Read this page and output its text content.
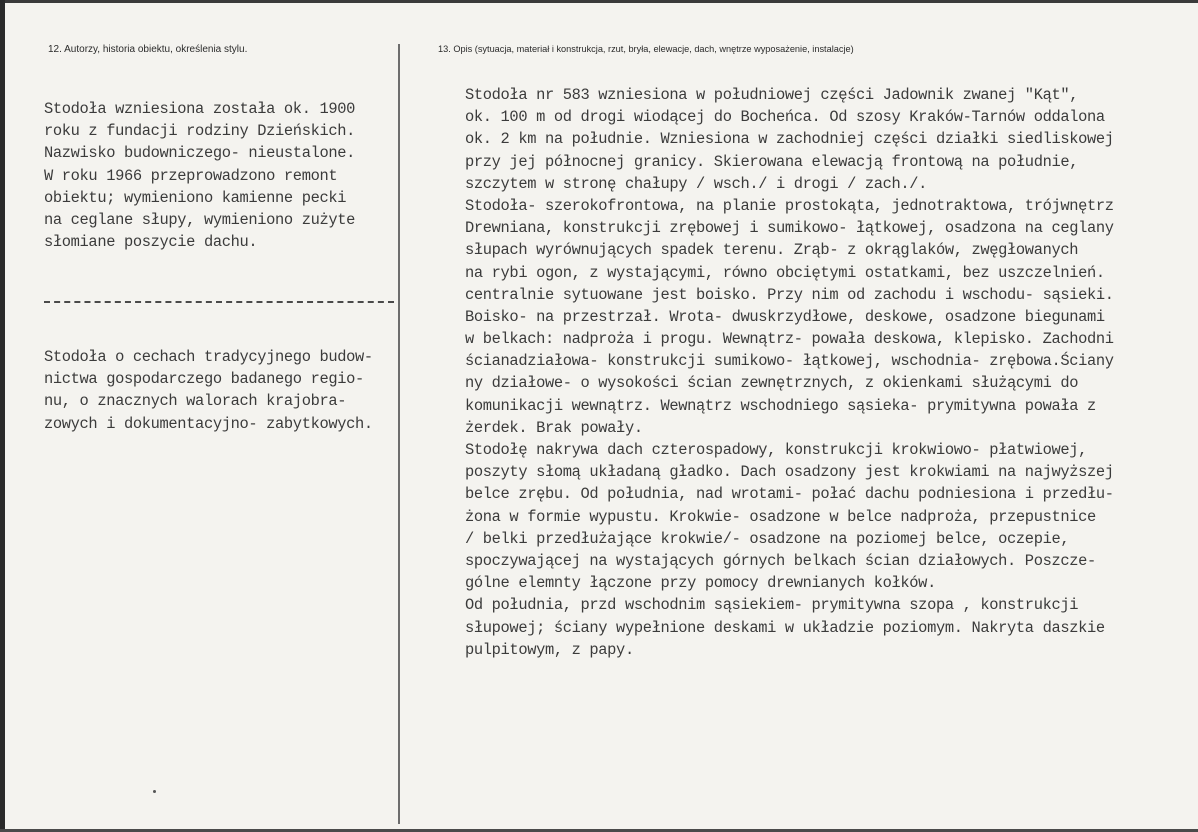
12. Autorzy, historia obiektu, określenia stylu.	13. Opis (sytuacja, materiał i konstrukcja, rzut, bryła, elewacje, dach, wnętrze wyposażenie, instalacje)
Stodoła wzniesiona została ok. 1900
roku z fundacji rodziny Dzieńskich.
Nazwisko budowniczego- nieustalone.
W roku 1966 przeprowadzono remont
obiektu; wymieniono kamienne pecki
na ceglane słupy, wymieniono zużyte
słomiane poszycie dachu.
Stodoła o cechach tradycyjnego budow-
nictwa gospodarczego badanego regio-
nu, o znacznych walorach krajobra-
zowych i dokumentacyjno- zabytkowych.
Stodoła nr 583 wzniesiona w południowej części Jadownik zwanej "Kąt",
ok. 100 m od drogi wiodącej do Bocheńca. Od szosy Kraków-Tarnów oddalona
ok. 2 km na południe. Wzniesiona w zachodniej części działki siedliskowej
przy jej północnej granicy. Skierowana elewacją frontową na południe,
szczytem w stronę chałupy / wsch./ i drogi / zach./.
Stodoła- szerokofrontowa, na planie prostokąta, jednotraktowa, trójwnętrz
Drewniana, konstrukcji zrębowej i sumikowo- łątkowej, osadzona na ceglany
słupach wyrównujących spadek terenu. Zrąb- z okrąglaków, zwęgłowanych
na rybi ogon, z wystającymi, równo obciętymi ostatkami, bez uszczelnień.
centralnie sytuowane jest boisko. Przy nim od zachodu i wschodu- sąsieki.
Boisko- na przestrzał. Wrota- dwuskrzydłowe, deskowe, osadzone biegunami
w belkach: nadproża i progu. Wewnątrz- powała deskowa, klepisko. Zachodni
ścianadziałowa- konstrukcji sumikowo- łątkowej, wschodnia- zrębowa.Ściany
ny działowe- o wysokości ścian zewnętrznych, z okienkami służącymi do
komunikacji wewnątrz. Wewnątrz wschodniego sąsieka- prymitywna powała z
żerdek. Brak powały.
Stodołę nakrywa dach czterospadowy, konstrukcji krokwiowo- płatwiowej,
poszyty słomą układaną gładko. Dach osadzony jest krokwiami na najwyższej
belce zrębu. Od południa, nad wrotami- połać dachu podniesiona i przedłu-
żona w formie wypustu. Krokwie- osadzone w belce nadproża, przepustnice
/ belki przedłużające krokwie/- osadzone na poziomej belce, oczepie,
spoczywającej na wystających górnych belkach ścian działowych. Poszcze-
gólne elemnty łączone przy pomocy drewnianych kołków.
Od południa, przd wschodnim sąsiekiem- prymitywna szopa , konstrukcji
słupowej; ściany wypełnione deskami w układzie poziomym. Nakryta daszkie
pulpitowym, z papy.
